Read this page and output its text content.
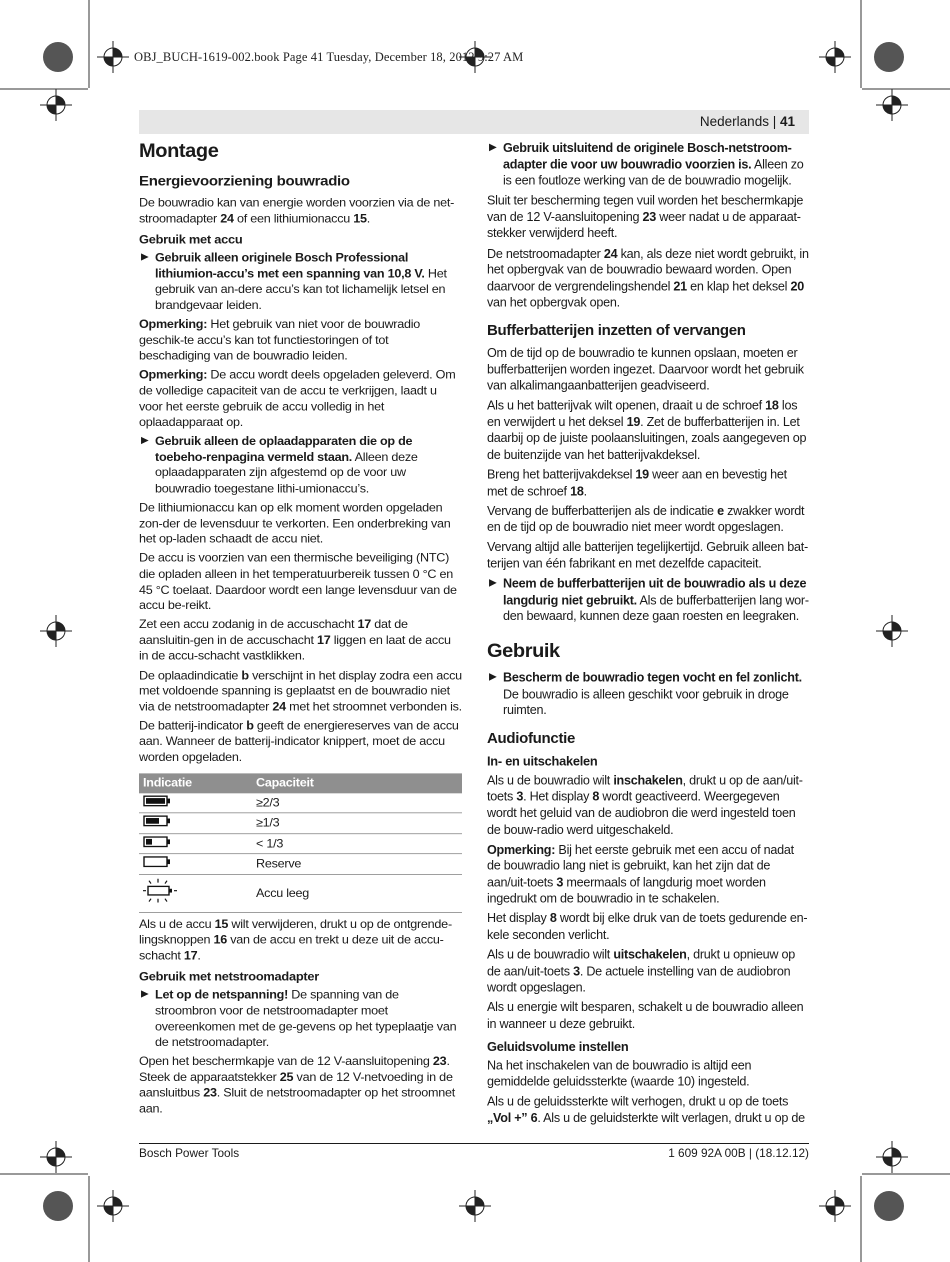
OBJ_BUCH-1619-002.book Page 41 Tuesday, December 18, 2012 9:27 AM
Nederlands | 41
Montage
Energievoorziening bouwradio

De bouwradio kan van energie worden voorzien via de net-stroomadapter 24 of een lithiumionaccu 15.

Gebruik met accu
▶ Gebruik alleen originele Bosch Professional lithiumion-accu’s met een spanning van 10,8 V. Het gebruik van an-dere accu’s kan tot lichamelijk letsel en brandgevaar leiden.

Opmerking: Het gebruik van niet voor de bouwradio geschik-te accu’s kan tot functiestoringen of tot beschadiging van de bouwradio leiden.

Opmerking: De accu wordt deels opgeladen geleverd. Om de volledige capaciteit van de accu te verkrijgen, laadt u voor het eerste gebruik de accu volledig in het oplaadapparaat op.

▶ Gebruik alleen de oplaadapparaten die op de toebeho-renpagina vermeld staan. Alleen deze oplaadapparaten zijn afgestemd op de voor uw bouwradio toegestane lithi-umionaccu’s.

De lithiumionaccu kan op elk moment worden opgeladen zon-der de levensduur te verkorten. Een onderbreking van het op-laden schaadt de accu niet.

De accu is voorzien van een thermische beveiliging (NTC) die opladen alleen in het temperatuurbereik tussen 0 °C en 45 °C toelaat. Daardoor wordt een lange levensduur van de accu be-reikt.

Zet een accu zodanig in de accuschacht 17 dat de aansluitin-gen in de accuschacht 17 liggen en laat de accu in de accu-schacht vastklikken.

De oplaadindicatie b verschijnt in het display zodra een accu met voldoende spanning is geplaatst en de bouwradio niet via de netstroomadapter 24 met het stroomnet verbonden is.

De batterij-indicator b geeft de energiereserves van de accu aan. Wanneer de batterij-indicator knippert, moet de accu worden opgeladen.

Indicatie	Capaciteit
	≥2/3
	≥1/3
	< 1/3
	Reserve
	Accu leeg

Als u de accu 15 wilt verwijderen, drukt u op de ontgrende-lingsknoppen 16 van de accu en trekt u deze uit de accu-schacht 17.

Gebruik met netstroomadapter
▶ Let op de netspanning! De spanning van de stroombron voor de netstroomadapter moet overeenkomen met de ge-gevens op het typeplaatje van de netstroomadapter.

Open het beschermkapje van de 12 V-aansluitopening 23. Steek de apparaatstekker 25 van de 12 V-netvoeding in de aansluitbus 23. Sluit de netstroomadapter op het stroomnet aan.

▶ Gebruik uitsluitend de originele Bosch-netstroom-adapter die voor uw bouwradio voorzien is. Alleen zo is een foutloze werking van de de bouwradio mogelijk.

Sluit ter bescherming tegen vuil worden het beschermkapje van de 12 V-aansluitopening 23 weer nadat u de apparaat-stekker verwijderd heeft.

De netstroomadapter 24 kan, als deze niet wordt gebruikt, in het opbergvak van de bouwradio bewaard worden. Open daarvoor de vergrendelingshendel 21 en klap het deksel 20 van het opbergvak open.

Bufferbatterijen inzetten of vervangen

Om de tijd op de bouwradio te kunnen opslaan, moeten er bufferbatterijen worden ingezet. Daarvoor wordt het gebruik van alkalimangaanbatterijen geadviseerd.

Als u het batterijvak wilt openen, draait u de schroef 18 los en verwijdert u het deksel 19. Zet de bufferbatterijen in. Let daarbij op de juiste poolaansluitingen, zoals aangegeven op de buitenzijde van het batterijvakdeksel.

Breng het batterijvakdeksel 19 weer aan en bevestig het met de schroef 18.

Vervang de bufferbatterijen als de indicatie e zwakker wordt en de tijd op de bouwradio niet meer wordt opgeslagen.

Vervang altijd alle batterijen tegelijkertijd. Gebruik alleen bat-terijen van één fabrikant en met dezelfde capaciteit.

▶ Neem de bufferbatterijen uit de bouwradio als u deze langdurig niet gebruikt. Als de bufferbatterijen lang wor-den bewaard, kunnen deze gaan roesten en leegraken.
Gebruik
▶ Bescherm de bouwradio tegen vocht en fel zonlicht. De bouwradio is alleen geschikt voor gebruik in droge ruimten.
Audiofunctie
In- en uitschakelen

Als u de bouwradio wilt inschakelen, drukt u op de aan/uit-toets 3. Het display 8 wordt geactiveerd. Weergegeven wordt het geluid van de audiobron die werd ingesteld toen de bouw-radio werd uitgeschakeld.

Opmerking: Bij het eerste gebruik met een accu of nadat de bouwradio lang niet is gebruikt, kan het zijn dat de aan/uit-toets 3 meermaals of langdurig moet worden ingedrukt om de bouwradio in te schakelen.

Het display 8 wordt bij elke druk van de toets gedurende en-kele seconden verlicht.

Als u de bouwradio wilt uitschakelen, drukt u opnieuw op de aan/uit-toets 3. De actuele instelling van de audiobron wordt opgeslagen.

Als u energie wilt besparen, schakelt u de bouwradio alleen in wanneer u deze gebruikt.

Geluidsvolume instellen

Na het inschakelen van de bouwradio is altijd een gemiddelde geluidssterkte (waarde 10) ingesteld.

Als u de geluidssterkte wilt verhogen, drukt u op de toets „Vol +” 6. Als u de geluidsterkte wilt verlagen, drukt u op de

Bosch Power Tools	1 609 92A 00B | (18.12.12)
